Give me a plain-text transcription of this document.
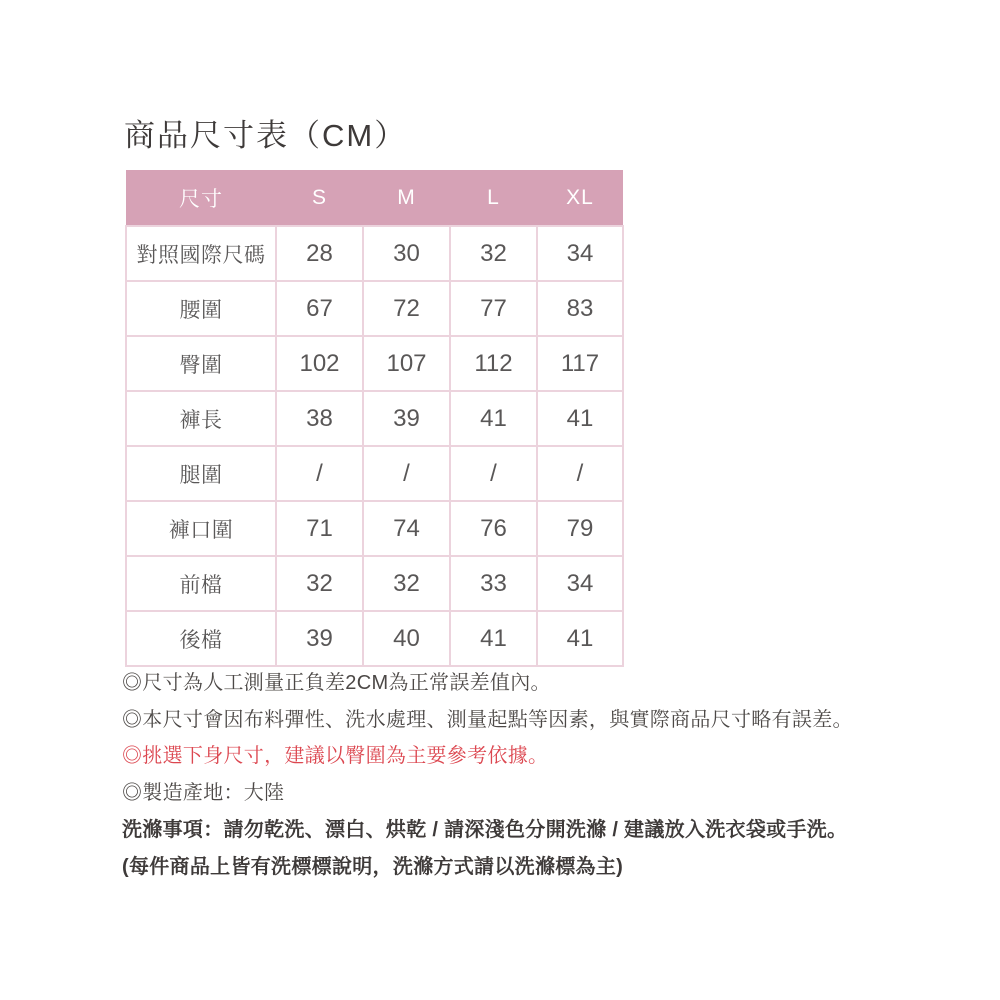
商品尺寸表（CM）
尺寸	S	M	L	XL
對照國際尺碼	28	30	32	34
腰圍	67	72	77	83
臀圍	102	107	112	117
褲長	38	39	41	41
腿圍	/	/	/	/
褲口圍	71	74	76	79
前檔	32	32	33	34
後檔	39	40	41	41

◎尺寸為人工測量正負差2CM為正常誤差值內。

◎本尺寸會因布料彈性、洗水處理、測量起點等因素，與實際商品尺寸略有誤差。

◎挑選下身尺寸，建議以臀圍為主要參考依據。

◎製造產地：大陸

洗滌事項：請勿乾洗、漂白、烘乾 / 請深淺色分開洗滌 / 建議放入洗衣袋或手洗。

(每件商品上皆有洗標標說明，洗滌方式請以洗滌標為主)
